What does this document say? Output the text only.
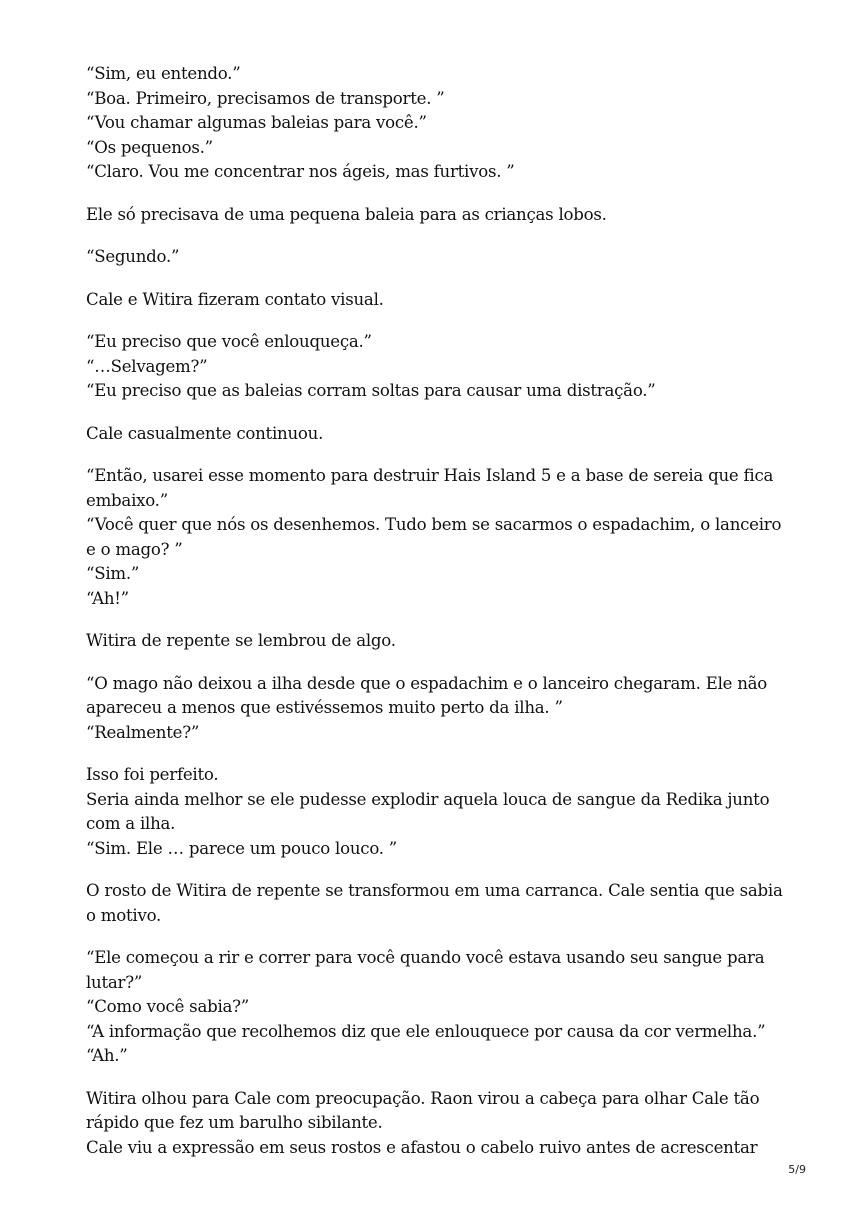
“Sim, eu entendo.”
“Boa. Primeiro, precisamos de transporte. ”
“Vou chamar algumas baleias para você.”
“Os pequenos.”
“Claro. Vou me concentrar nos ágeis, mas furtivos. ”
Ele só precisava de uma pequena baleia para as crianças lobos.
“Segundo.”
Cale e Witira fizeram contato visual.
“Eu preciso que você enlouqueça.”
“…Selvagem?”
“Eu preciso que as baleias corram soltas para causar uma distração.”
Cale casualmente continuou.
“Então, usarei esse momento para destruir Hais Island 5 e a base de sereia que fica embaixo.”
“Você quer que nós os desenhemos. Tudo bem se sacarmos o espadachim, o lanceiro e o mago? ”
“Sim.”
“Ah!”
Witira de repente se lembrou de algo.
“O mago não deixou a ilha desde que o espadachim e o lanceiro chegaram. Ele não apareceu a menos que estivéssemos muito perto da ilha. ”
“Realmente?”
Isso foi perfeito.
Seria ainda melhor se ele pudesse explodir aquela louca de sangue da Redika junto com a ilha.
“Sim. Ele … parece um pouco louco. ”
O rosto de Witira de repente se transformou em uma carranca. Cale sentia que sabia o motivo.
“Ele começou a rir e correr para você quando você estava usando seu sangue para lutar?”
“Como você sabia?”
“A informação que recolhemos diz que ele enlouquece por causa da cor vermelha.”
“Ah.”
Witira olhou para Cale com preocupação. Raon virou a cabeça para olhar Cale tão rápido que fez um barulho sibilante.
Cale viu a expressão em seus rostos e afastou o cabelo ruivo antes de acrescentar
5/9
